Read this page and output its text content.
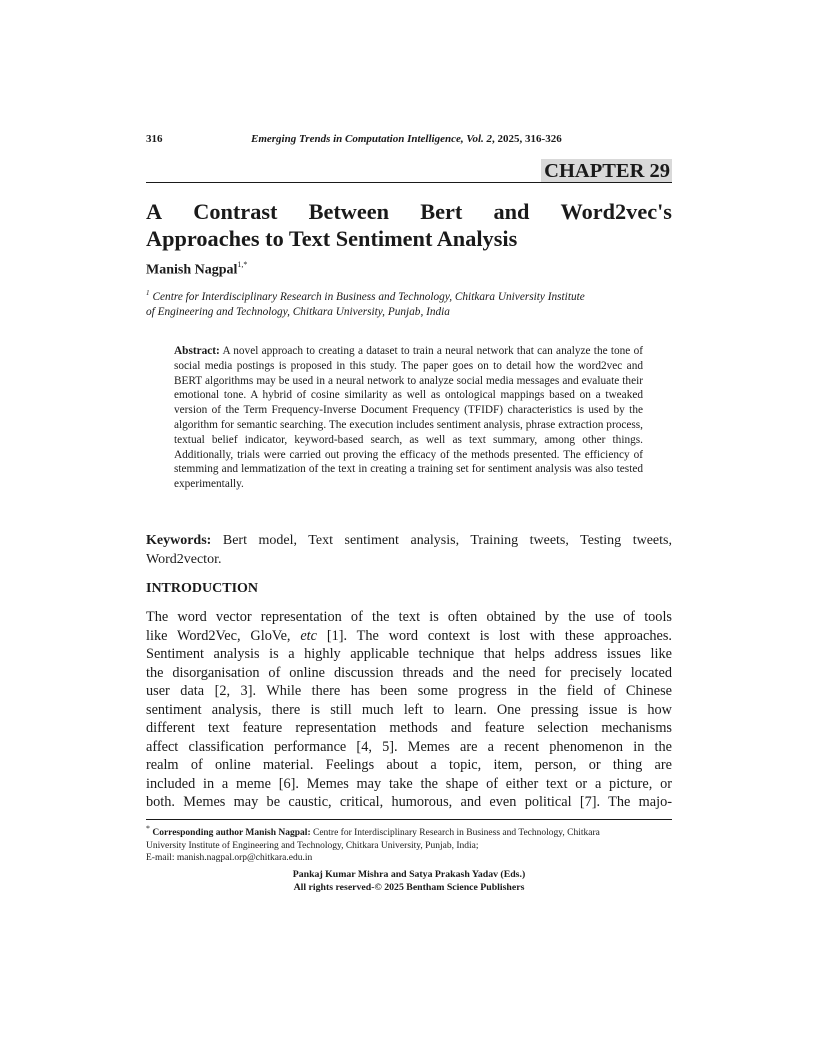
316	Emerging Trends in Computation Intelligence, Vol. 2, 2025, 316-326
CHAPTER 29
A Contrast Between Bert and Word2vec's
Approaches to Text Sentiment Analysis
Manish Nagpal$^{1,*}$
$^1$ Centre for Interdisciplinary Research in Business and Technology, Chitkara University Institute
of Engineering and Technology, Chitkara University, Punjab, India
Abstract: A novel approach to creating a dataset to train a neural network that can analyze the tone of social media postings is proposed in this study. The paper goes on to detail how the word2vec and BERT algorithms may be used in a neural network to analyze social media messages and evaluate their emotional tone. A hybrid of cosine similarity as well as ontological mappings based on a tweaked version of the Term Frequency-Inverse Document Frequency (TFIDF) characteristics is used by the algorithm for semantic searching. The execution includes sentiment analysis, phrase extraction process, textual belief indicator, keyword-based search, as well as text summary, among other things. Additionally, trials were carried out proving the efficacy of the methods presented. The efficiency of stemming and lemmatization of the text in creating a training set for sentiment analysis was also tested experimentally.
Keywords: Bert model, Text sentiment analysis, Training tweets, Testing tweets, Word2vector.
INTRODUCTION
The word vector representation of the text is often obtained by the use of tools
like Word2Vec, GloVe, etc [1]. The word context is lost with these approaches.
Sentiment analysis is a highly applicable technique that helps address issues like
the disorganisation of online discussion threads and the need for precisely located
user data [2, 3]. While there has been some progress in the field of Chinese
sentiment analysis, there is still much left to learn. One pressing issue is how
different text feature representation methods and feature selection mechanisms
affect classification performance [4, 5]. Memes are a recent phenomenon in the
realm of online material. Feelings about a topic, item, person, or thing are
included in a meme [6]. Memes may take the shape of either text or a picture, or
both. Memes may be caustic, critical, humorous, and even political [7]. The majo-
* Corresponding author Manish Nagpal: Centre for Interdisciplinary Research in Business and Technology, Chitkara
University Institute of Engineering and Technology, Chitkara University, Punjab, India;
E-mail: manish.nagpal.orp@chitkara.edu.in
Pankaj Kumar Mishra and Satya Prakash Yadav (Eds.)
All rights reserved-© 2025 Bentham Science Publishers
